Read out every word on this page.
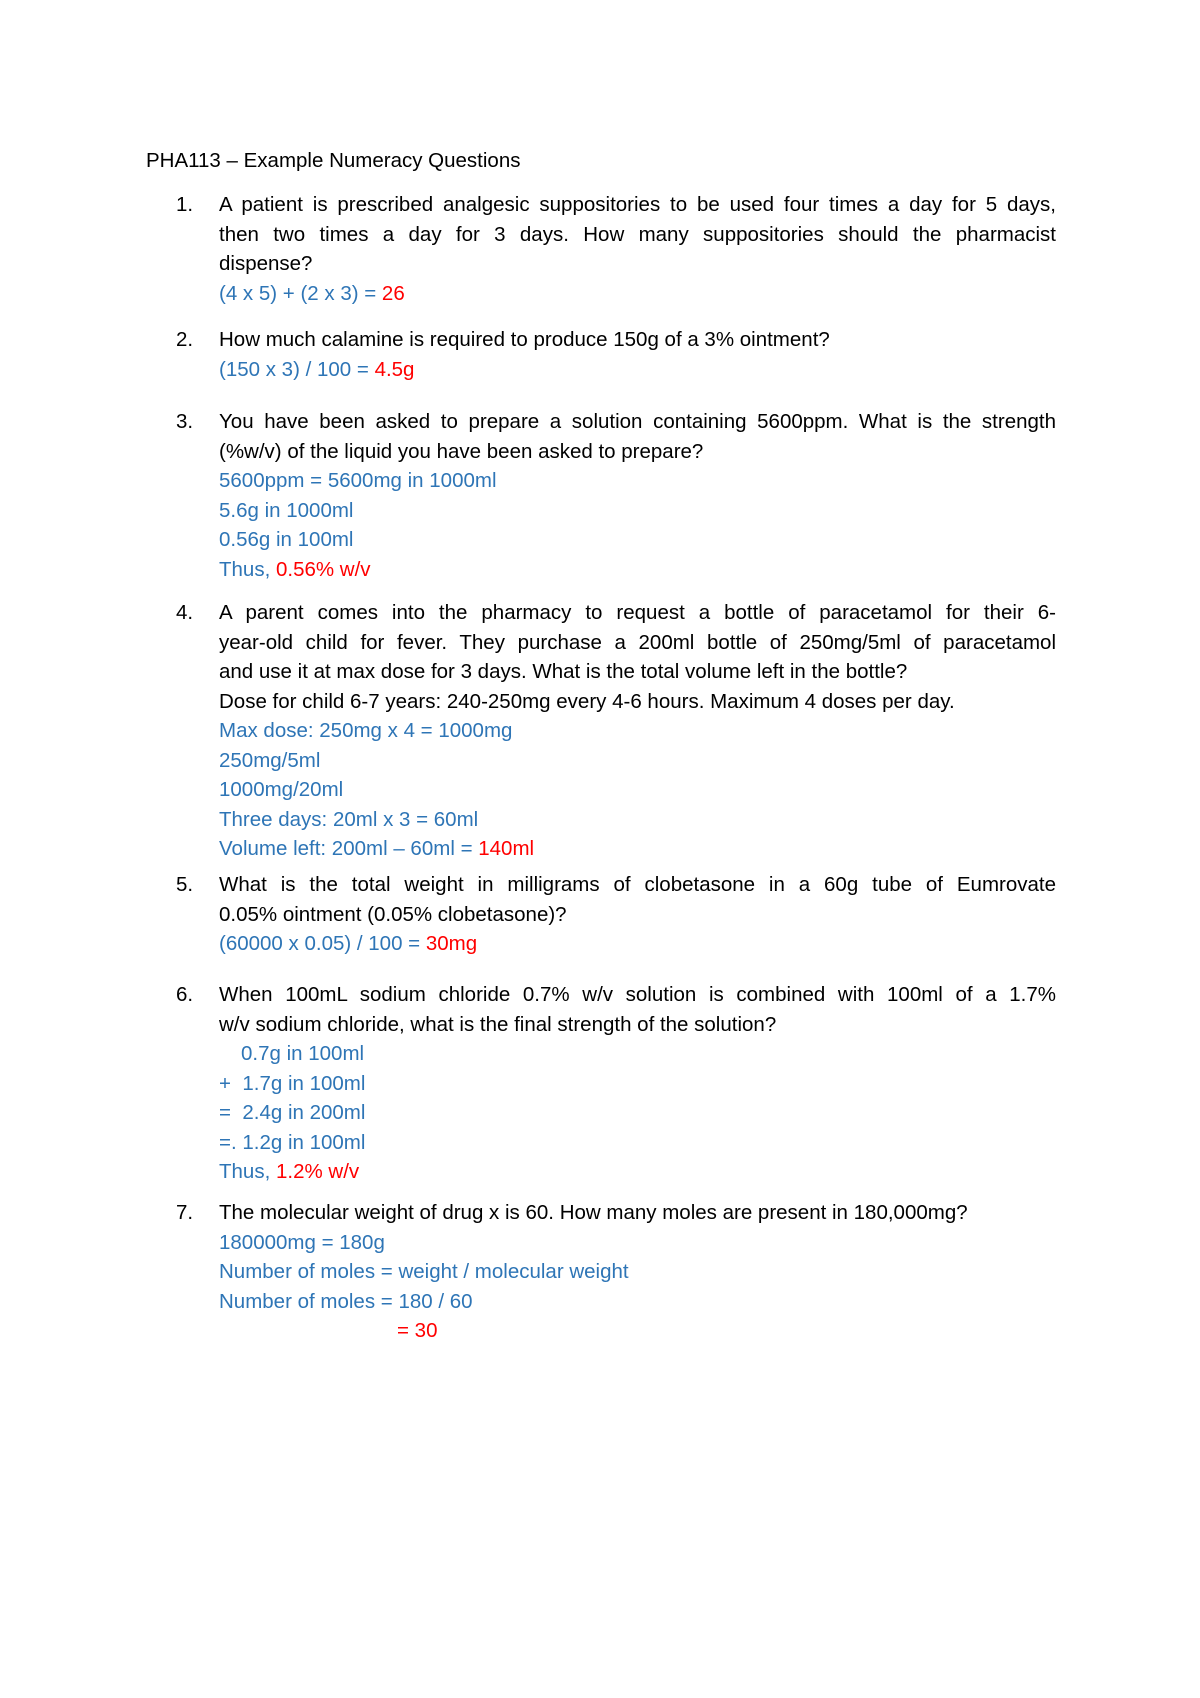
PHA113 – Example Numeracy Questions
1. A patient is prescribed analgesic suppositories to be used four times a day for 5 days,
then two times a day for 3 days. How many suppositories should the pharmacist
dispense?
(4 x 5) + (2 x 3) = 26
2. How much calamine is required to produce 150g of a 3% ointment?
(150 x 3) / 100 = 4.5g
3. You have been asked to prepare a solution containing 5600ppm. What is the strength
(%w/v) of the liquid you have been asked to prepare?
5600ppm = 5600mg in 1000ml
5.6g in 1000ml
0.56g in 100ml
Thus, 0.56% w/v
4. A parent comes into the pharmacy to request a bottle of paracetamol for their 6-
year-old child for fever. They purchase a 200ml bottle of 250mg/5ml of paracetamol
and use it at max dose for 3 days. What is the total volume left in the bottle?
Dose for child 6-7 years: 240-250mg every 4-6 hours. Maximum 4 doses per day.
Max dose: 250mg x 4 = 1000mg
250mg/5ml
1000mg/20ml
Three days: 20ml x 3 = 60ml
Volume left: 200ml – 60ml = 140ml
5. What is the total weight in milligrams of clobetasone in a 60g tube of Eumrovate
0.05% ointment (0.05% clobetasone)?
(60000 x 0.05) / 100 = 30mg
6. When 100mL sodium chloride 0.7% w/v solution is combined with 100ml of a 1.7%
w/v sodium chloride, what is the final strength of the solution?
0.7g in 100ml
+  1.7g in 100ml
=  2.4g in 200ml
=. 1.2g in 100ml
Thus, 1.2% w/v
7. The molecular weight of drug x is 60. How many moles are present in 180,000mg?
180000mg = 180g
Number of moles = weight / molecular weight
Number of moles = 180 / 60
= 30
